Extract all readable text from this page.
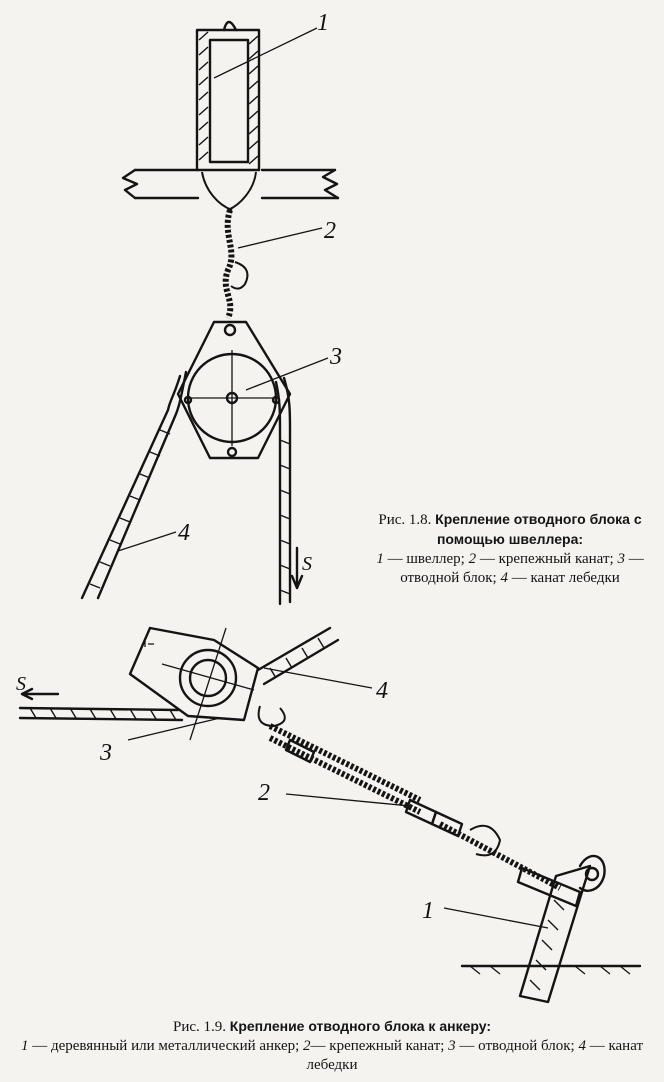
1
2
3
4
S
4
3
2
1
S
Рис. 1.8. Крепление отводного блока с помощью швеллера:
1 — швеллер; 2 — крепежный канат; 3 — отводной блок; 4 — канат лебедки
Рис. 1.9. Крепление отводного блока к анкеру:
1 — деревянный или металлический анкер; 2— крепежный канат; 3 — отводной блок; 4 — канат лебедки
